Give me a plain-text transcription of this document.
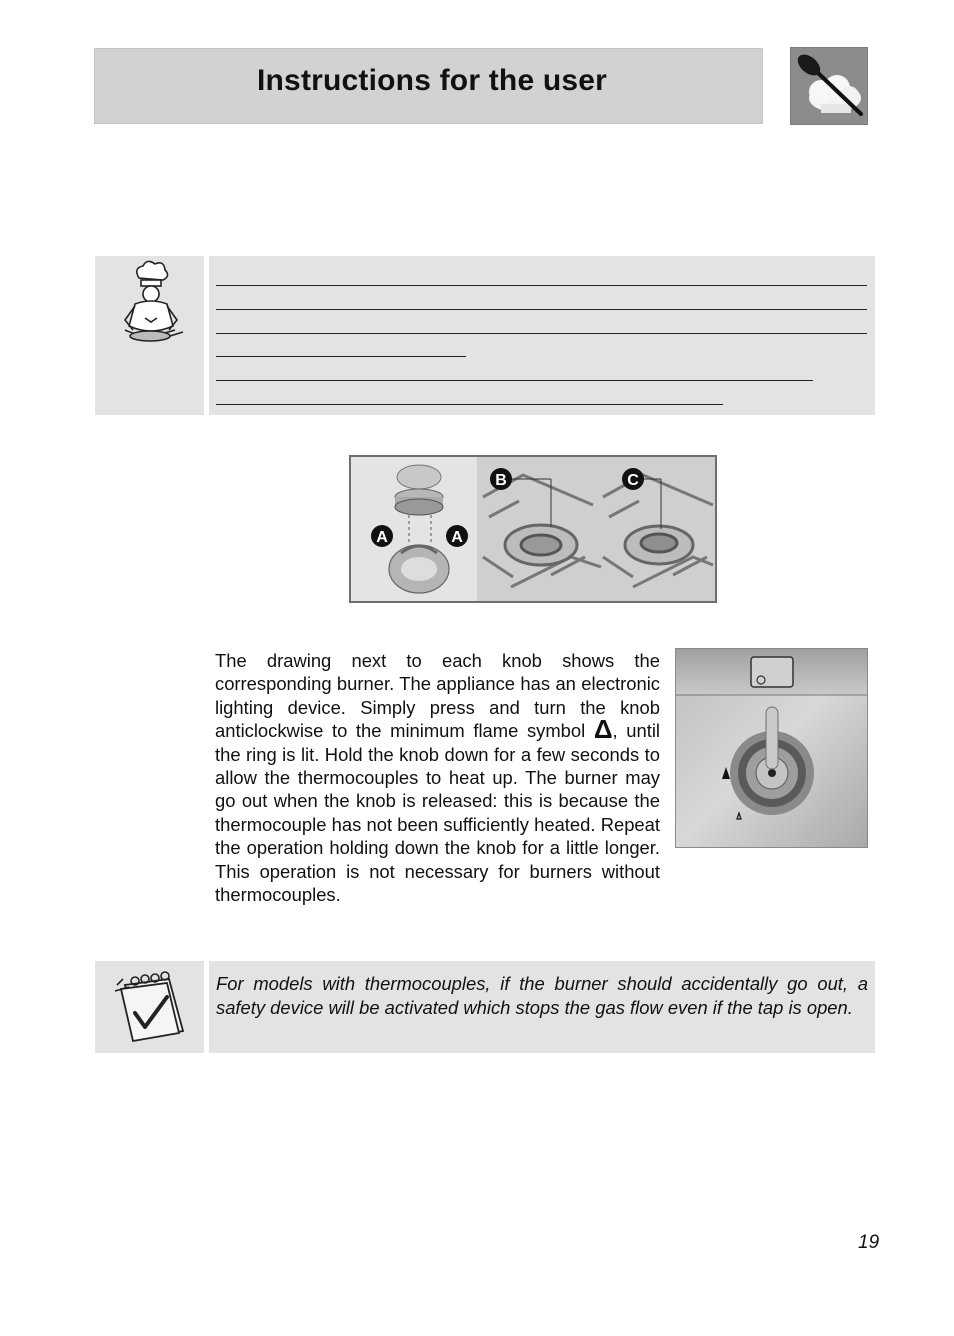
Instructions for the user
A	A
B	C
The drawing next to each knob shows the corresponding burner. The appliance has an electronic lighting device. Simply press and turn the knob anticlockwise to the minimum flame symbol Δ, until the ring is lit. Hold the knob down for a few seconds to allow the thermocouples to heat up. The burner may go out when the knob is released: this is because the thermocouple has not been sufficiently heated. Repeat the operation holding down the knob for a little longer. This operation is not necessary for burners without thermocouples.
For models with thermocouples, if the burner should accidentally go out, a safety device will be activated which stops the gas flow even if the tap is open.
19
